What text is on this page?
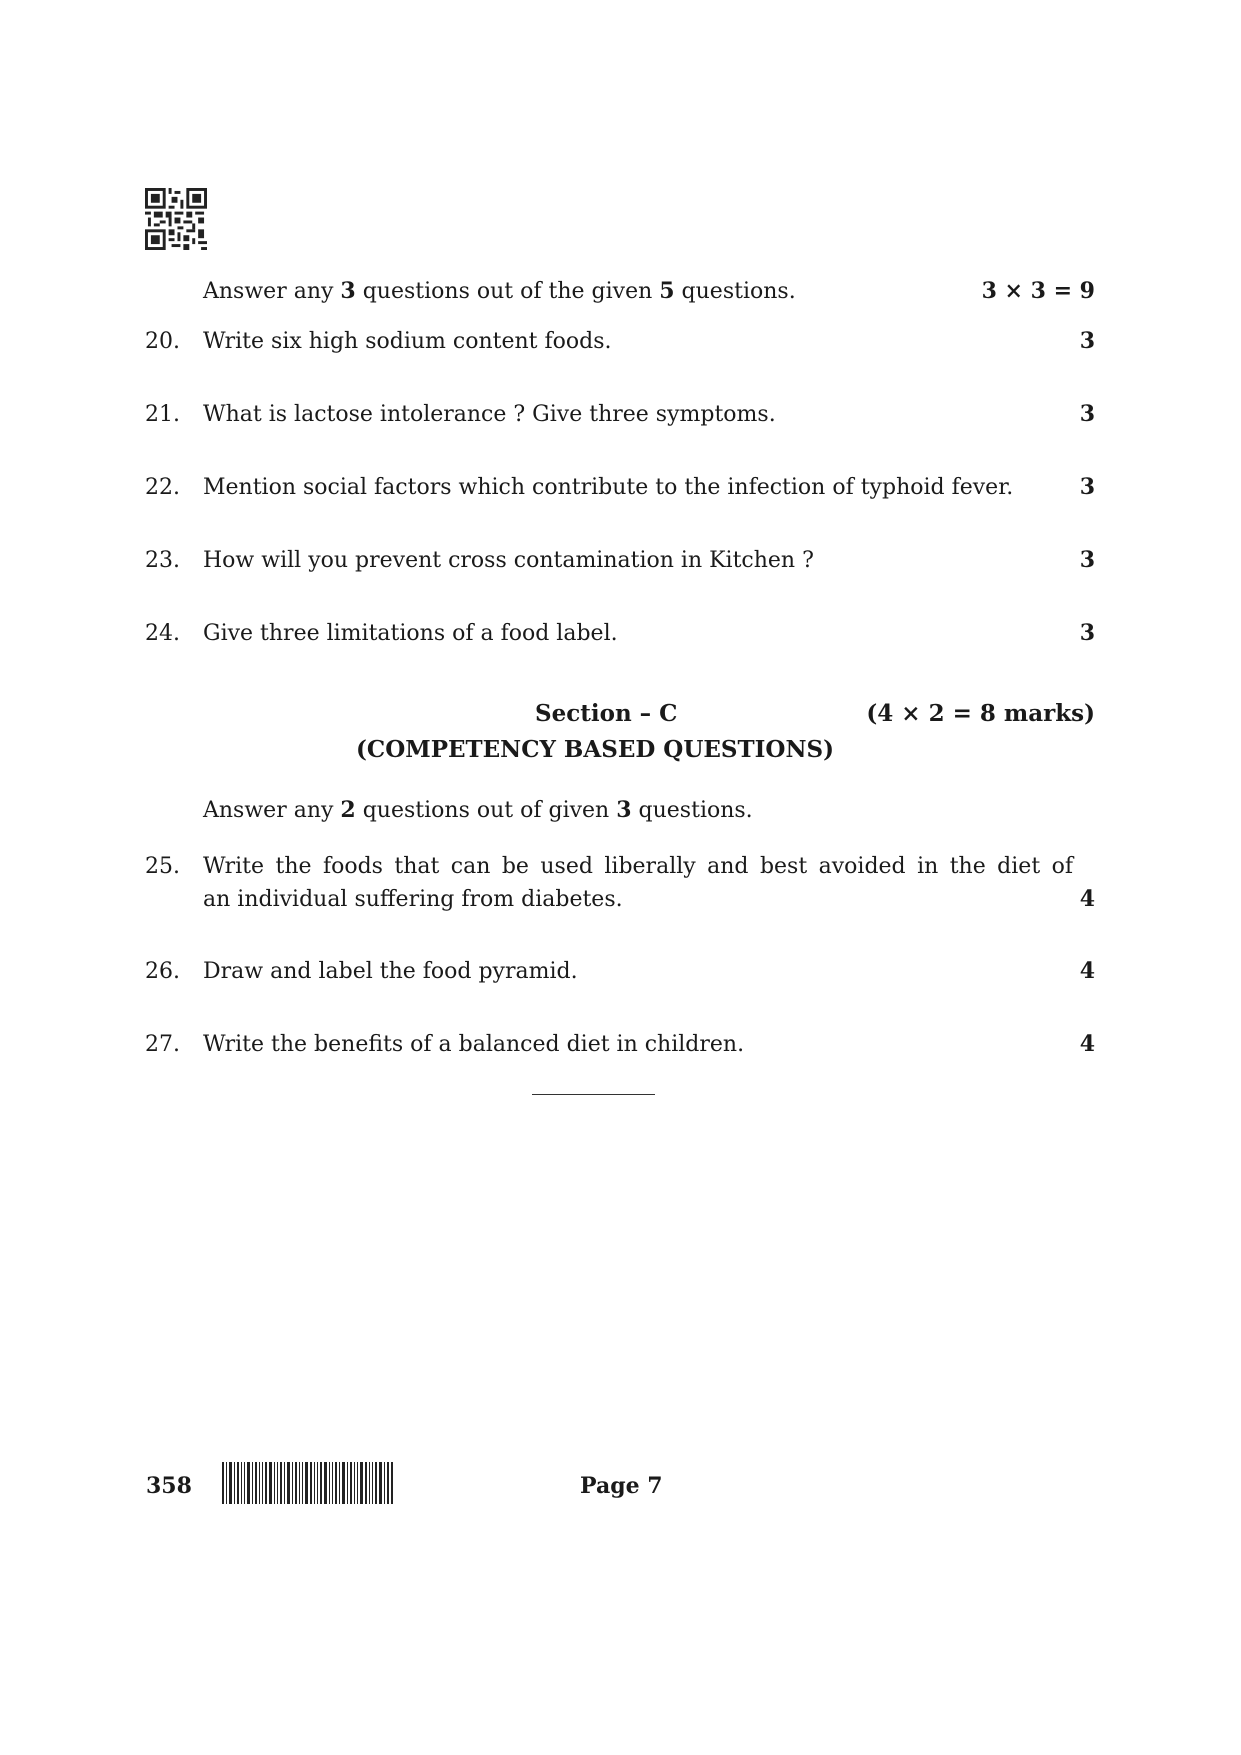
Answer any 3 questions out of the given 5 questions.	3 × 3 = 9
20.	Write six high sodium content foods.	3
21.	What is lactose intolerance ? Give three symptoms.	3
22.	Mention social factors which contribute to the infection of typhoid fever.	3
23.	How will you prevent cross contamination in Kitchen ?	3
24.	Give three limitations of a food label.	3
Section – C	(4 × 2 = 8 marks)
(COMPETENCY BASED QUESTIONS)
Answer any 2 questions out of given 3 questions.
25.	Write the foods that can be used liberally and best avoided in the diet of
an individual suffering from diabetes.	4
26.	Draw and label the food pyramid.	4
27.	Write the benefits of a balanced diet in children.	4
358	Page 7
